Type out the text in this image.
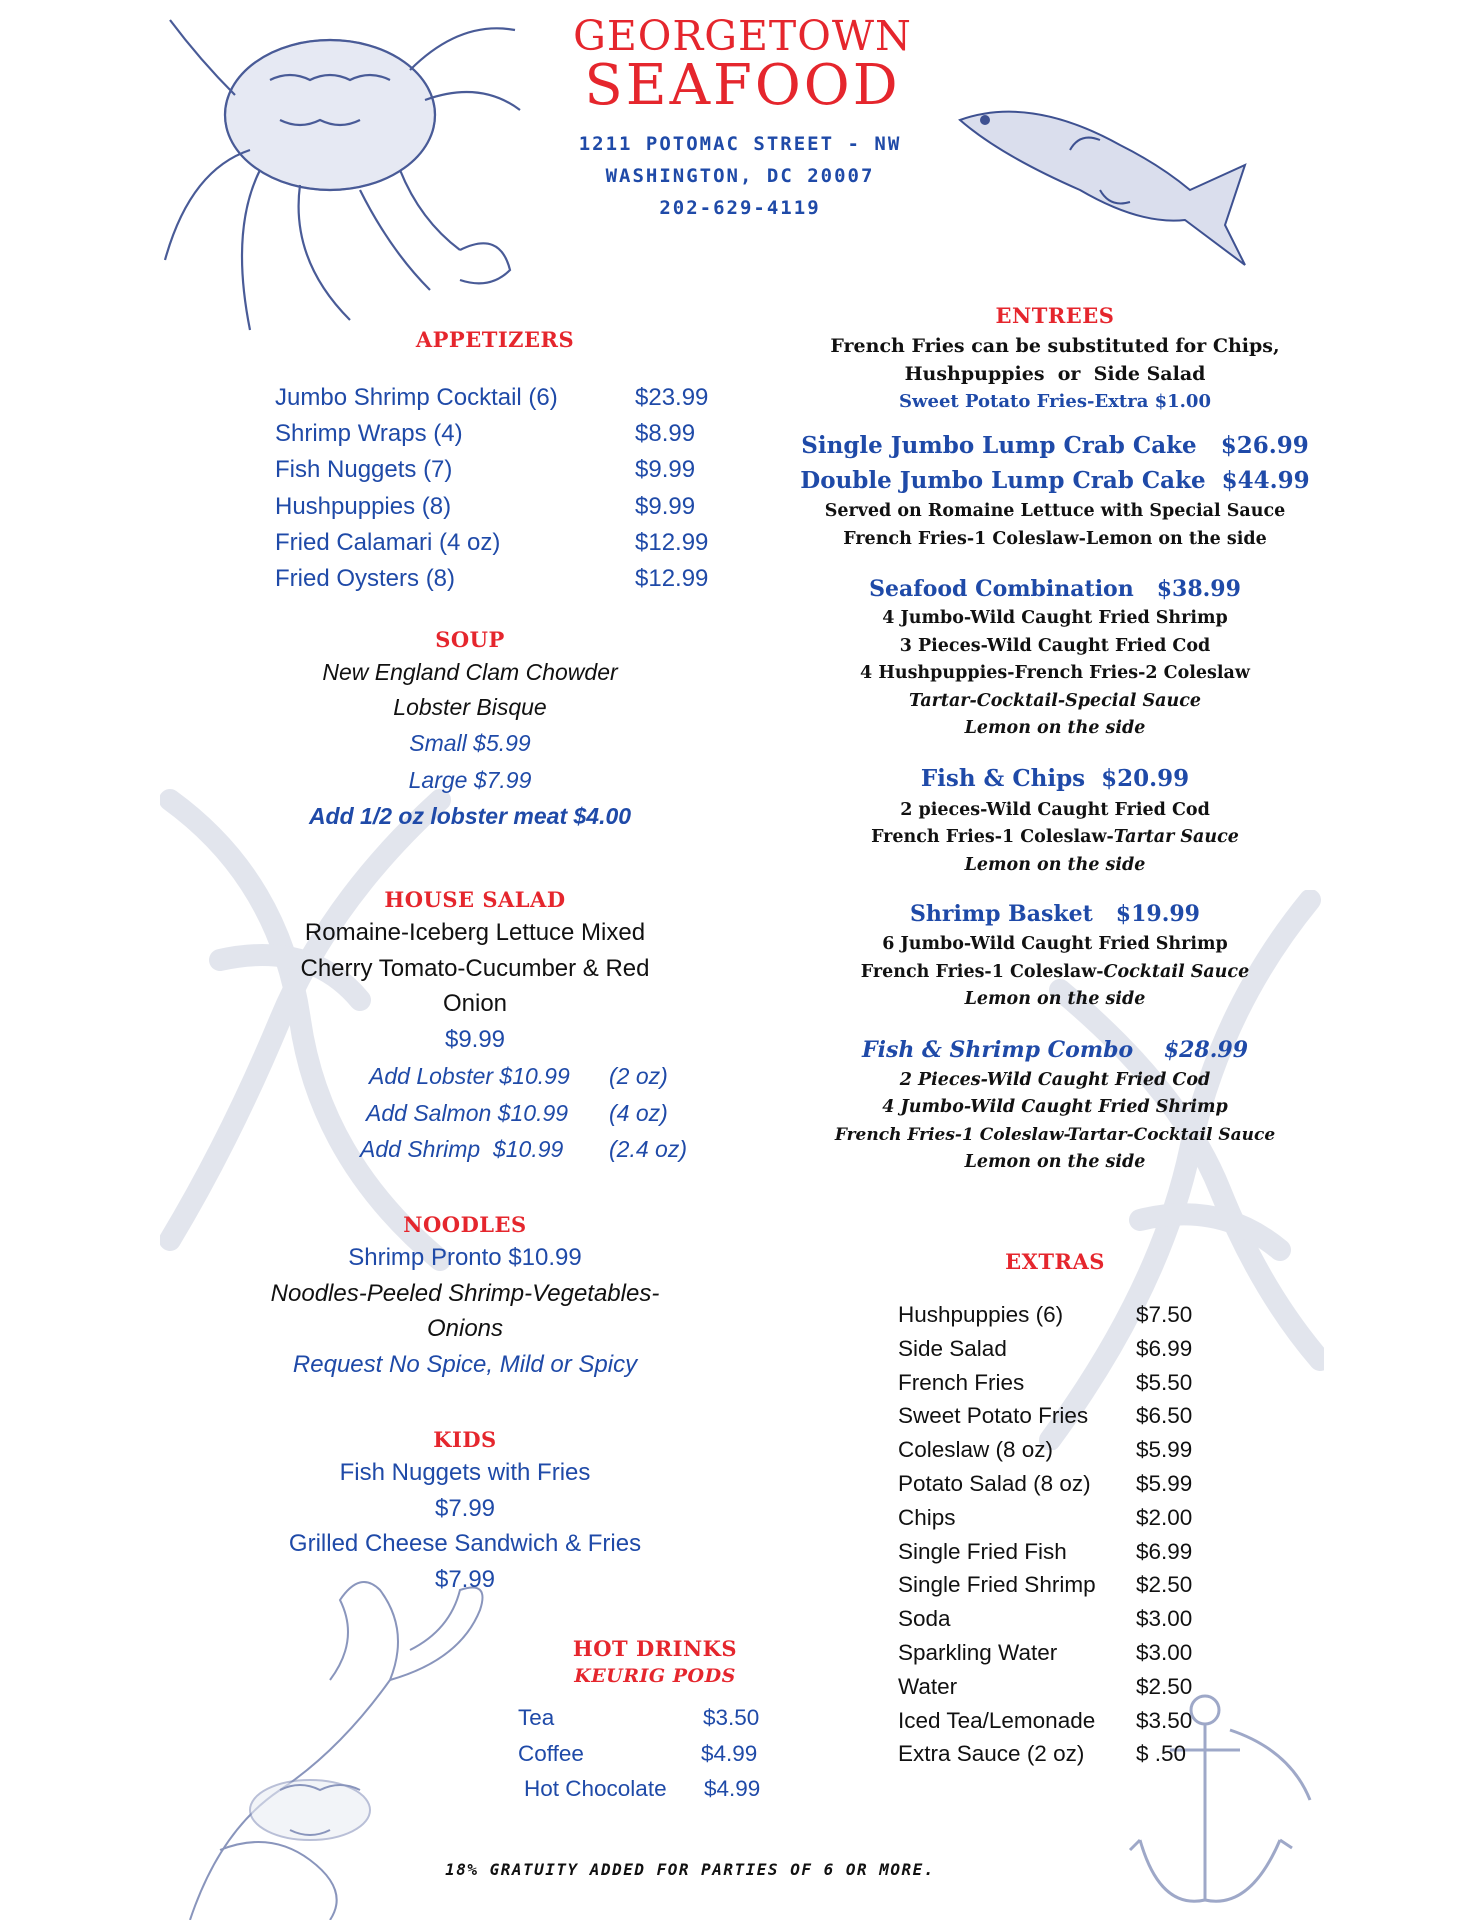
GEORGETOWN
SEAFOOD
1211 POTOMAC STREET - NW
WASHINGTON, DC 20007
202-629-4119
APPETIZERS
Jumbo Shrimp Cocktail (6)	$23.99
Shrimp Wraps (4)	$8.99
Fish Nuggets (7)	$9.99
Hushpuppies (8)	$9.99
Fried Calamari (4 oz)	$12.99
Fried Oysters (8)	$12.99
SOUP
New England Clam Chowder
Lobster Bisque
Small $5.99
Large $7.99
Add 1/2 oz lobster meat $4.00
HOUSE SALAD
Romaine-Iceberg Lettuce Mixed
Cherry Tomato-Cucumber & Red
Onion
$9.99
Add Lobster $10.99	(2 oz)
Add Salmon $10.99	(4 oz)
Add Shrimp  $10.99	(2.4 oz)
NOODLES
Shrimp Pronto $10.99
Noodles-Peeled Shrimp-Vegetables-
Onions
Request No Spice, Mild or Spicy
KIDS
Fish Nuggets with Fries
$7.99
Grilled Cheese Sandwich & Fries
$7.99
HOT DRINKS
KEURIG PODS
Tea	$3.50
Coffee	$4.99
Hot Chocolate	$4.99
ENTREES
French Fries can be substituted for Chips,
Hushpuppies  or  Side Salad
Sweet Potato Fries-Extra $1.00
Single Jumbo Lump Crab Cake   $26.99
Double Jumbo Lump Crab Cake  $44.99
Served on Romaine Lettuce with Special Sauce
French Fries-1 Coleslaw-Lemon on the side
Seafood Combination   $38.99
4 Jumbo-Wild Caught Fried Shrimp
3 Pieces-Wild Caught Fried Cod
4 Hushpuppies-French Fries-2 Coleslaw
Tartar-Cocktail-Special Sauce
Lemon on the side
Fish & Chips  $20.99
2 pieces-Wild Caught Fried Cod
French Fries-1 Coleslaw-Tartar Sauce
Lemon on the side
Shrimp Basket   $19.99
6 Jumbo-Wild Caught Fried Shrimp
French Fries-1 Coleslaw-Cocktail Sauce
Lemon on the side
Fish & Shrimp Combo    $28.99
2 Pieces-Wild Caught Fried Cod
4 Jumbo-Wild Caught Fried Shrimp
French Fries-1 Coleslaw-Tartar-Cocktail Sauce
Lemon on the side
EXTRAS
Hushpuppies (6)	$7.50
Side Salad	$6.99
French Fries	$5.50
Sweet Potato Fries	$6.50
Coleslaw (8 oz)	$5.99
Potato Salad (8 oz)	$5.99
Chips	$2.00
Single Fried Fish	$6.99
Single Fried Shrimp	$2.50
Soda	$3.00
Sparkling Water	$3.00
Water	$2.50
Iced Tea/Lemonade	$3.50
Extra Sauce (2 oz)	$ .50
18% GRATUITY ADDED FOR PARTIES OF 6 OR MORE.
